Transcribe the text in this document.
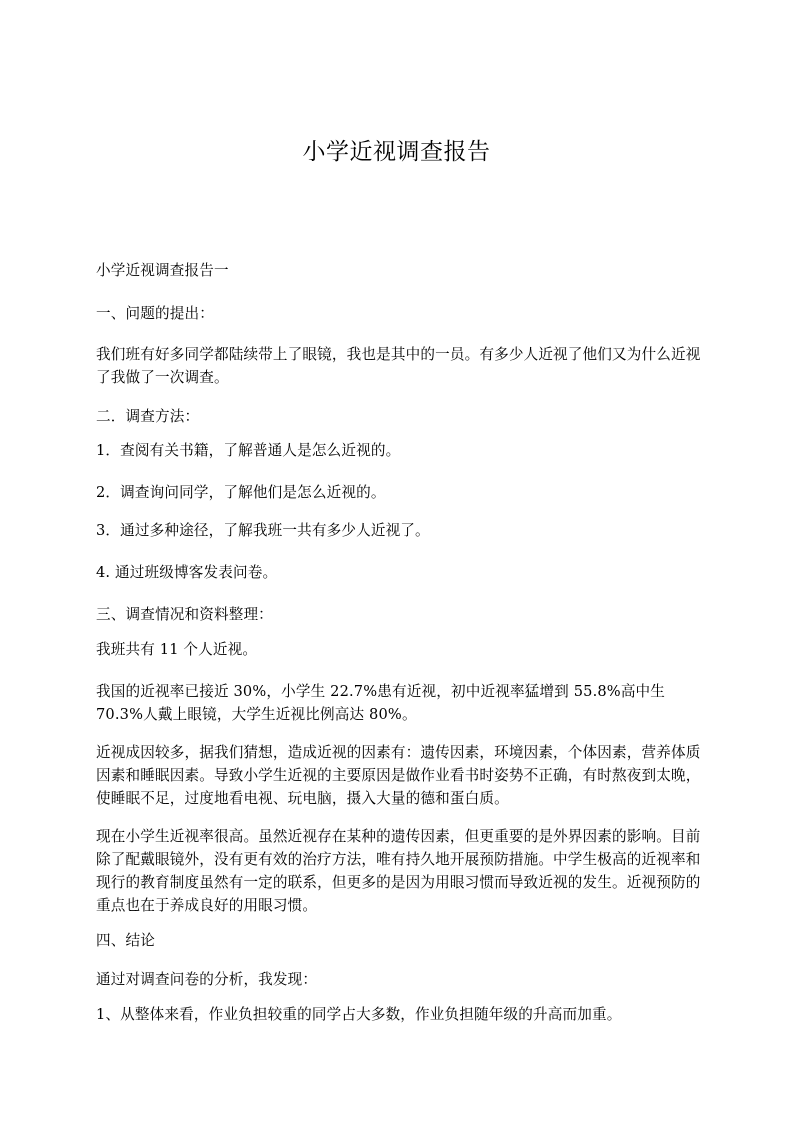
小学近视调查报告

小学近视调查报告一

一、问题的提出：

我们班有好多同学都陆续带上了眼镜，我也是其中的一员。有多少人近视了他们又为什么近视了我做了一次调查。

二．调查方法：

1．查阅有关书籍，了解普通人是怎么近视的。

2．调查询问同学，了解他们是怎么近视的。

3．通过多种途径，了解我班一共有多少人近视了。

4. 通过班级博客发表问卷。

三、调查情况和资料整理：

我班共有 11 个人近视。

我国的近视率已接近 30%，小学生 22.7%患有近视，初中近视率猛增到 55.8%高中生 70.3%人戴上眼镜，大学生近视比例高达 80%。

近视成因较多，据我们猜想，造成近视的因素有：遗传因素，环境因素，个体因素，营养体质因素和睡眠因素。导致小学生近视的主要原因是做作业看书时姿势不正确，有时熬夜到太晚，使睡眠不足，过度地看电视、玩电脑，摄入大量的德和蛋白质。

现在小学生近视率很高。虽然近视存在某种的遗传因素，但更重要的是外界因素的影响。目前除了配戴眼镜外，没有更有效的治疗方法，唯有持久地开展预防措施。中学生极高的近视率和现行的教育制度虽然有一定的联系，但更多的是因为用眼习惯而导致近视的发生。近视预防的重点也在于养成良好的用眼习惯。

四、结论

通过对调查问卷的分析，我发现：

1、从整体来看，作业负担较重的同学占大多数，作业负担随年级的升高而加重。
